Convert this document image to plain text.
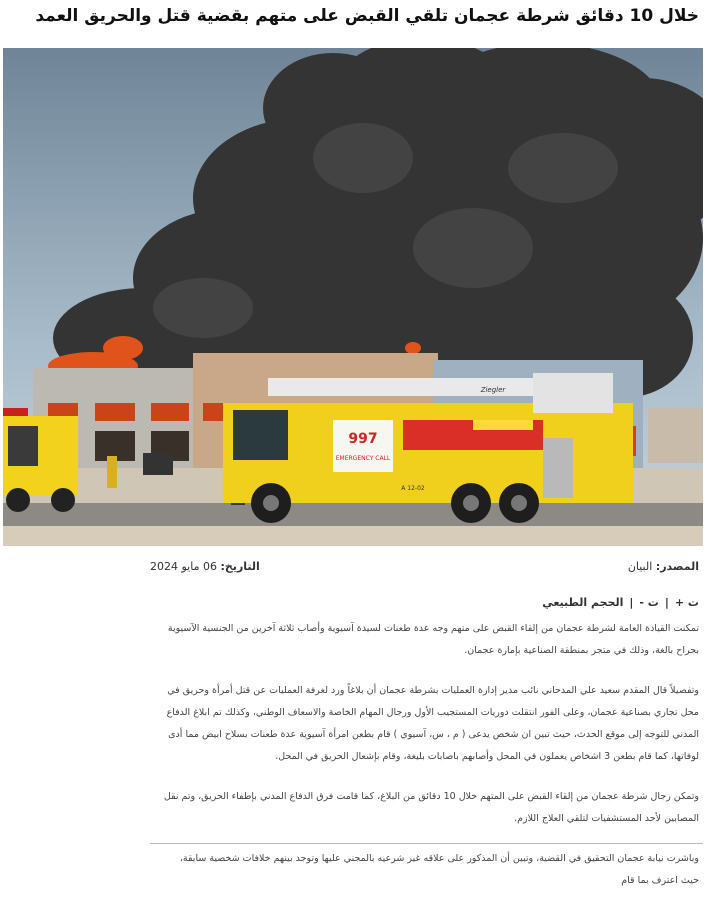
خلال 10 دقائق شرطة عجمان تلقي القبض على متهم بقضية قتل والحريق العمد
997
EMERGENCY CALL
A 12-02
Ziegler
المصدر: البيان
التاريخ: 06 مايو 2024
ت +
|
ت -
|
الحجم الطبيعي

تمكنت القيادة العامة لشرطة عجمان من إلقاء القبض على متهم وجه عدة طعنات لسيدة آسيوية وأصاب ثلاثة آخرين من الجنسية الآسيوية بجراح بالغة، وذلك في متجر بمنطقة الصناعية بإمارة عجمان.

وتفصيلاً قال المقدم سعيد علي المدحاني نائب مدير إدارة العمليات بشرطة عجمان أن بلاغاً ورد لغرفة العمليات عن قتل أمرأة وحريق في محل تجاري بصناعية عجمان، وعلى الفور انتقلت دوريات المستجيب الأول ورجال المهام الخاصة والاسعاف الوطني، وكذلك تم ابلاغ الدفاع المدني للتوجه إلى موقع الحدث، حيث تبين ان شخص يدعى ( م ، س، آسيوي ) قام بطعن امرأة آسيوية عدة طعنات بسلاح ابيض مما أدى لوفاتها، كما قام بطعن 3 اشخاص يعملون في المحل وأصابهم باصابات بليغة، وقام بإشعال الحريق في المحل.

وتمكن رجال شرطة عجمان من إلقاء القبض على المتهم خلال 10 دقائق من البلاغ، كما قامت فرق الدفاع المدني بإطفاء الحريق، وتم نقل المصابين لأحد المستشفيات لتلقي العلاج اللازم.

وباشرت نيابة عجمان التحقيق في القضية، وتبين أن المذكور على علاقه غير شرعيه بالمجني عليها وتوجد بينهم خلافات شخصية سابقة، حيث اعترف بما قام
